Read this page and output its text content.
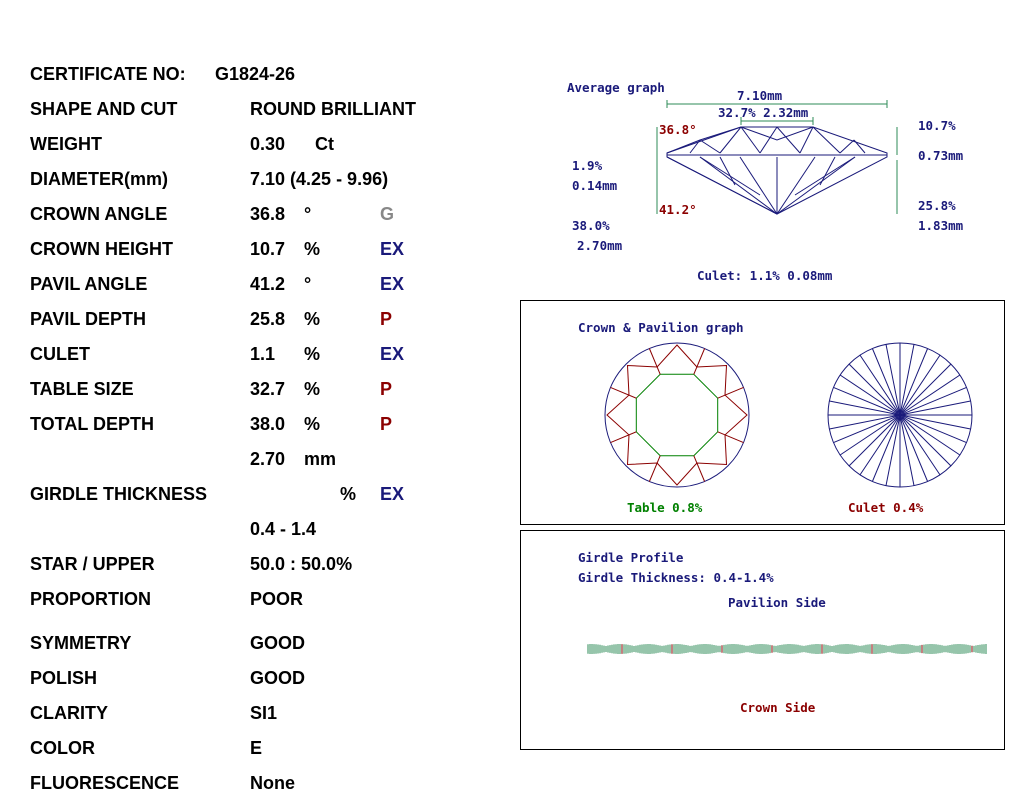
CERTIFICATE NO: G1824-26
SHAPE AND CUT	ROUND BRILLIANT
WEIGHT	0.30 Ct
DIAMETER(mm)	7.10 (4.25 - 9.96)
CROWN ANGLE	36.8 °	G
CROWN HEIGHT	10.7 %	EX
PAVIL ANGLE	41.2 °	EX
PAVIL DEPTH	25.8 %	P
CULET	1.1 %	EX
TABLE SIZE	32.7 %	P
TOTAL DEPTH	38.0 %	P
2.70 mm
GIRDLE THICKNESS	% EX
0.4 - 1.4
STAR / UPPER	50.0 : 50.0%
PROPORTION	POOR
SYMMETRY	GOOD
POLISH	GOOD
CLARITY	SI1
COLOR	E
FLUORESCENCE	None
Average graph
7.10mm
32.7% 2.32mm
36.8°
41.2°
10.7%
0.73mm
1.9%
0.14mm
25.8%
1.83mm
38.0%
2.70mm
Culet: 1.1% 0.08mm
Crown & Pavilion graph
Table 0.8%	Culet 0.4%
Girdle Profile
Girdle Thickness: 0.4-1.4%
Pavilion Side
Crown Side
